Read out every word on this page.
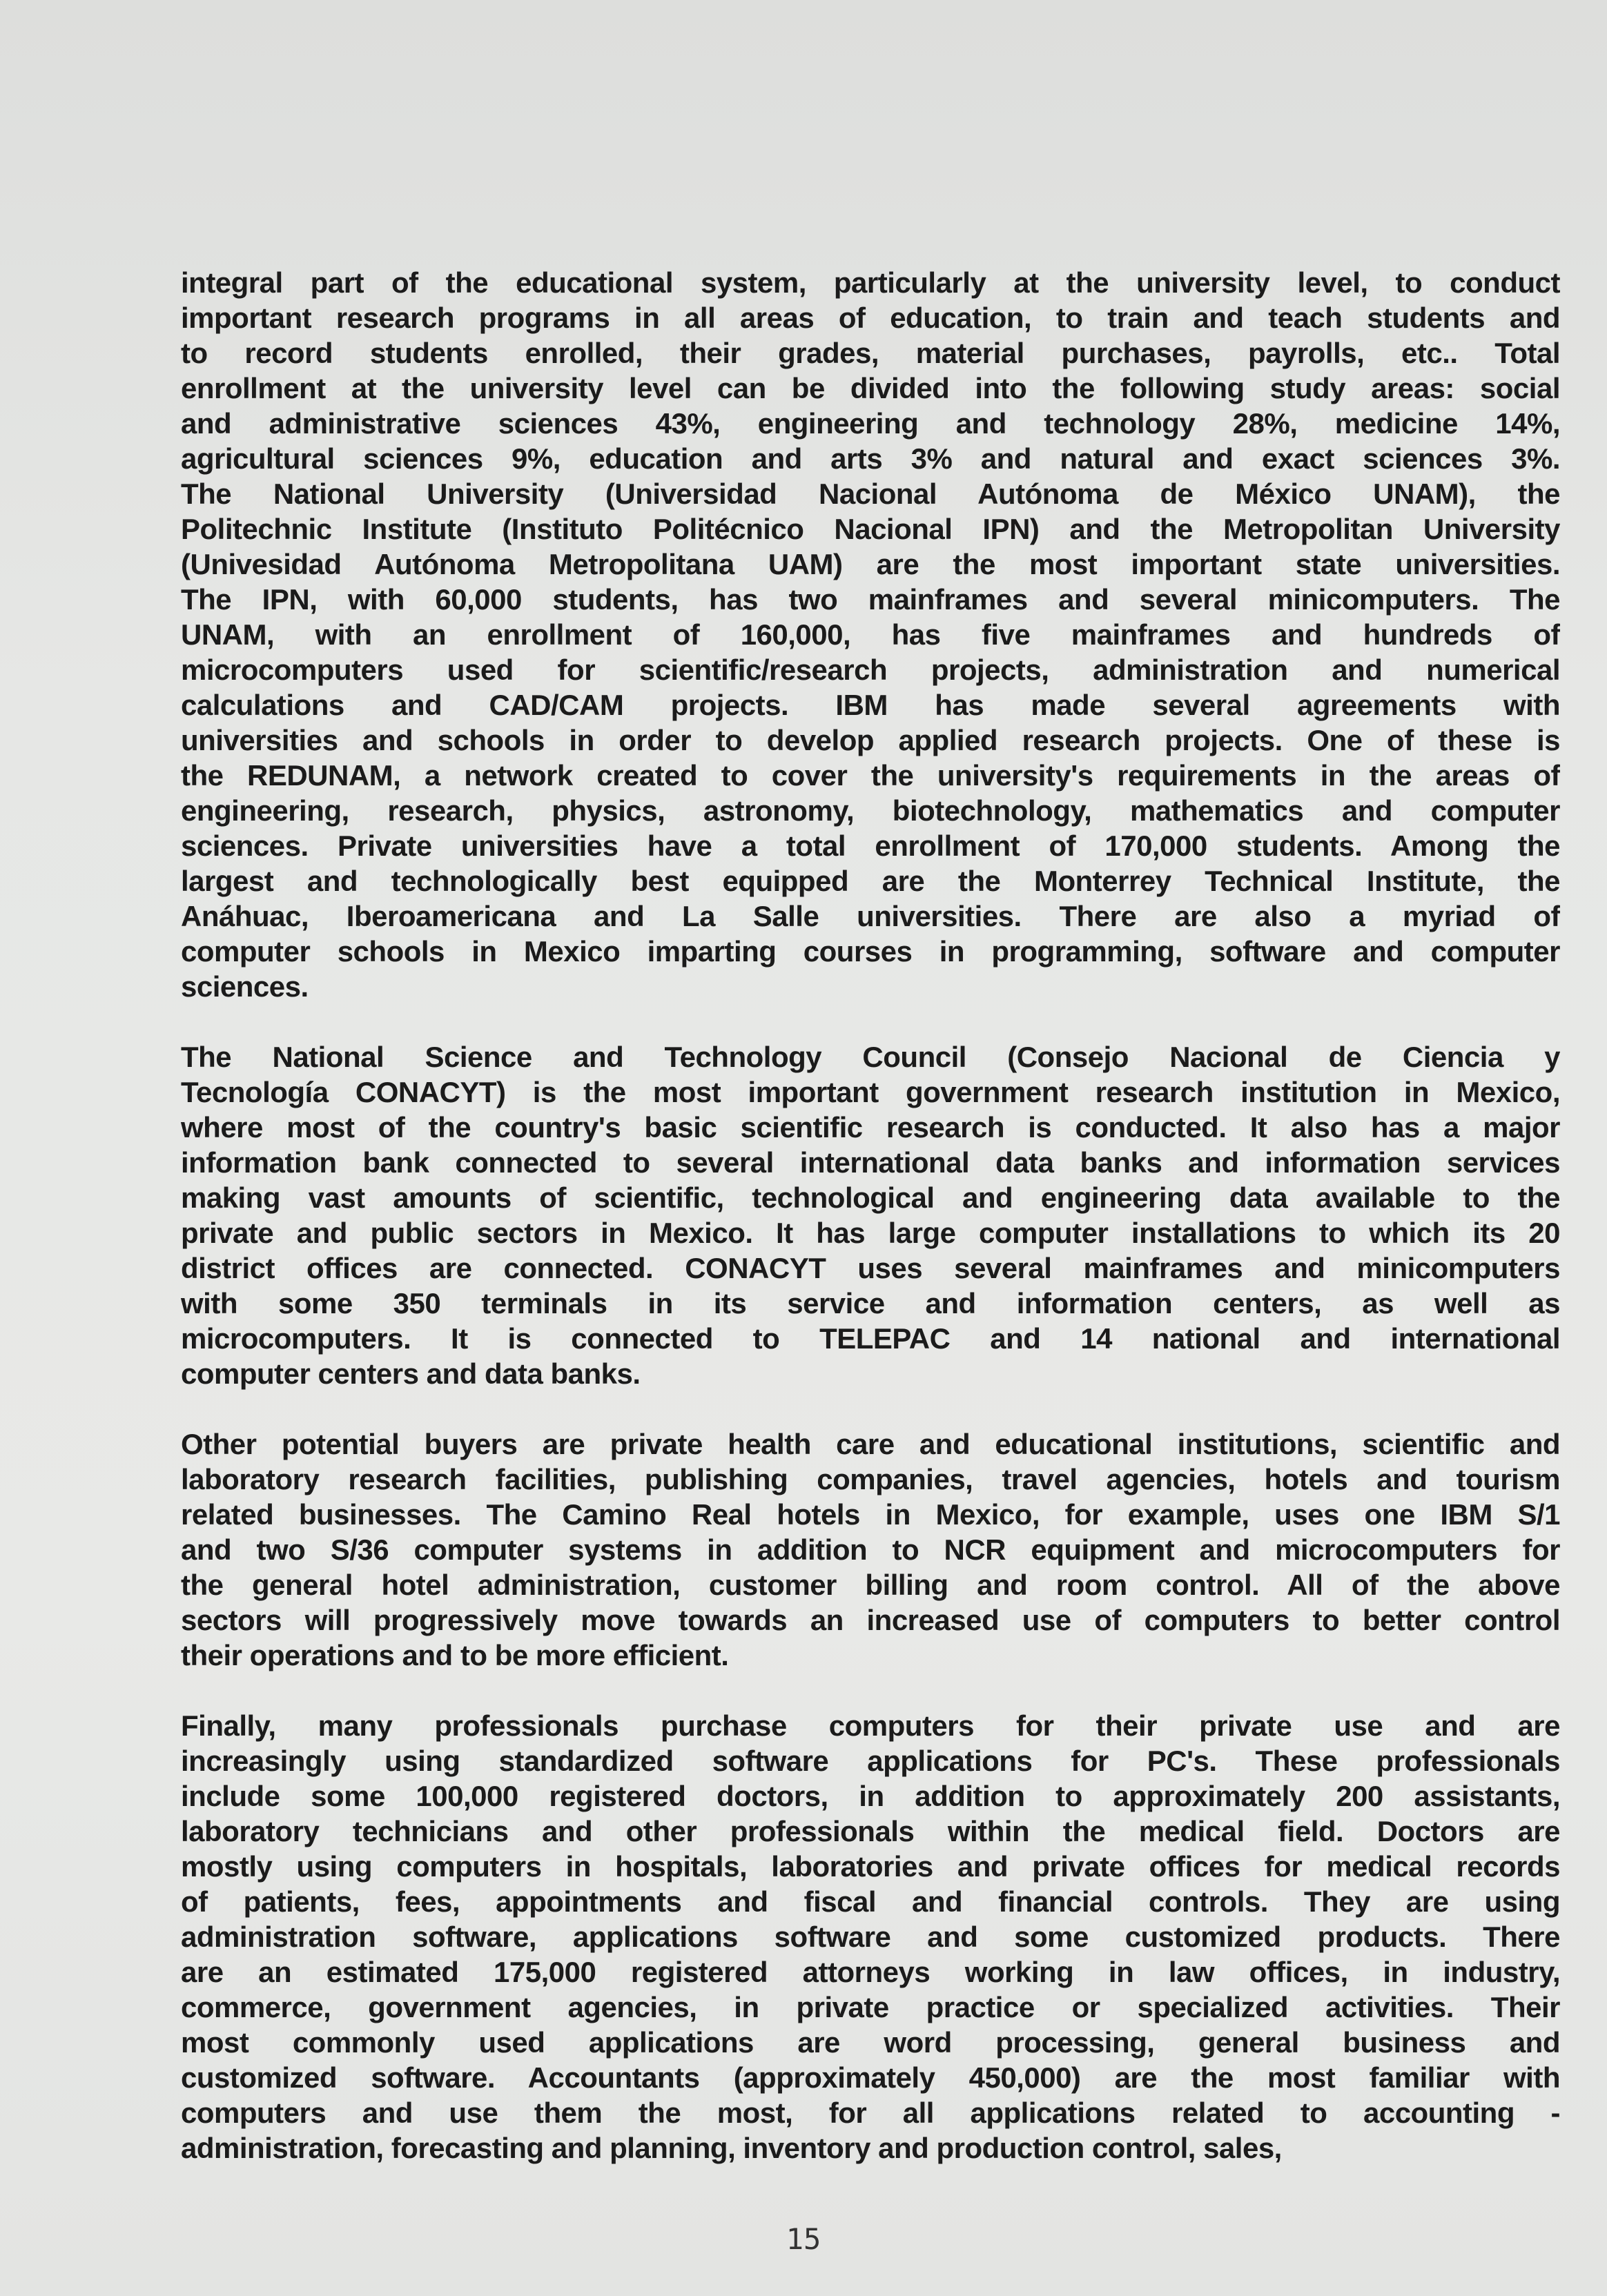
integral part of the educational system, particularly at the university level, to conduct
important research programs in all areas of education, to train and teach students and
to record students enrolled, their grades, material purchases, payrolls, etc.. Total
enrollment at the university level can be divided into the following study areas: social
and administrative sciences 43%, engineering and technology 28%, medicine 14%,
agricultural sciences 9%, education and arts 3% and natural and exact sciences 3%.
The National University (Universidad Nacional Autónoma de México UNAM), the
Politechnic Institute (Instituto Politécnico Nacional IPN) and the Metropolitan University
(Univesidad Autónoma Metropolitana UAM) are the most important state universities.
The IPN, with 60,000 students, has two mainframes and several minicomputers. The
UNAM, with an enrollment of 160,000, has five mainframes and hundreds of
microcomputers used for scientific/research projects, administration and numerical
calculations and CAD/CAM projects. IBM has made several agreements with
universities and schools in order to develop applied research projects. One of these is
the REDUNAM, a network created to cover the university's requirements in the areas of
engineering, research, physics, astronomy, biotechnology, mathematics and computer
sciences. Private universities have a total enrollment of 170,000 students. Among the
largest and technologically best equipped are the Monterrey Technical Institute, the
Anáhuac, Iberoamericana and La Salle universities. There are also a myriad of
computer schools in Mexico imparting courses in programming, software and computer
sciences.
The National Science and Technology Council (Consejo Nacional de Ciencia y
Tecnología CONACYT) is the most important government research institution in Mexico,
where most of the country's basic scientific research is conducted. It also has a major
information bank connected to several international data banks and information services
making vast amounts of scientific, technological and engineering data available to the
private and public sectors in Mexico. It has large computer installations to which its 20
district offices are connected. CONACYT uses several mainframes and minicomputers
with some 350 terminals in its service and information centers, as well as
microcomputers. It is connected to TELEPAC and 14 national and international
computer centers and data banks.
Other potential buyers are private health care and educational institutions, scientific and
laboratory research facilities, publishing companies, travel agencies, hotels and tourism
related businesses. The Camino Real hotels in Mexico, for example, uses one IBM S/1
and two S/36 computer systems in addition to NCR equipment and microcomputers for
the general hotel administration, customer billing and room control. All of the above
sectors will progressively move towards an increased use of computers to better control
their operations and to be more efficient.
Finally, many professionals purchase computers for their private use and are
increasingly using standardized software applications for PC's. These professionals
include some 100,000 registered doctors, in addition to approximately 200 assistants,
laboratory technicians and other professionals within the medical field. Doctors are
mostly using computers in hospitals, laboratories and private offices for medical records
of patients, fees, appointments and fiscal and financial controls. They are using
administration software, applications software and some customized products. There
are an estimated 175,000 registered attorneys working in law offices, in industry,
commerce, government agencies, in private practice or specialized activities. Their
most commonly used applications are word processing, general business and
customized software. Accountants (approximately 450,000) are the most familiar with
computers and use them the most, for all applications related to accounting -
administration, forecasting and planning, inventory and production control, sales,
15
